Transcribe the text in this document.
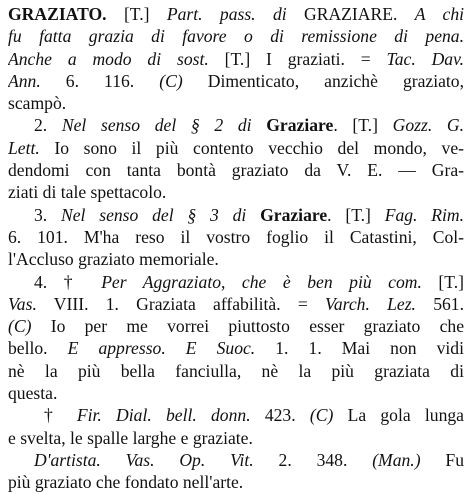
GRAZIATO. [T.] Part. pass. di GRAZIARE. A chi
fu fatta grazia di favore o di remissione di pena.
Anche a modo di sost. [T.] I graziati. = Tac. Dav.
Ann. 6. 116. (C) Dimenticato, anzichè graziato,
scampò.
2. Nel senso del § 2 di Graziare. [T.] Gozz. G.
Lett. Io sono il più contento vecchio del mondo, ve-
dendomi con tanta bontà graziato da V. E. — Gra-
ziati di tale spettacolo.
3. Nel senso del § 3 di Graziare. [T.] Fag. Rim.
6. 101. M'ha reso il vostro foglio il Catastini, Col-
l'Accluso graziato memoriale.
4. † Per Aggraziato, che è ben più com. [T.]
Vas. VIII. 1. Graziata affabilità. = Varch. Lez. 561.
(C) Io per me vorrei piuttosto esser graziato che
bello. E appresso. E Suoc. 1. 1. Mai non vidi
nè la più bella fanciulla, nè la più graziata di
questa.
† Fir. Dial. bell. donn. 423. (C) La gola lunga
e svelta, le spalle larghe e graziate.
D'artista. Vas. Op. Vit. 2. 348. (Man.) Fu
più graziato che fondato nell'arte.
